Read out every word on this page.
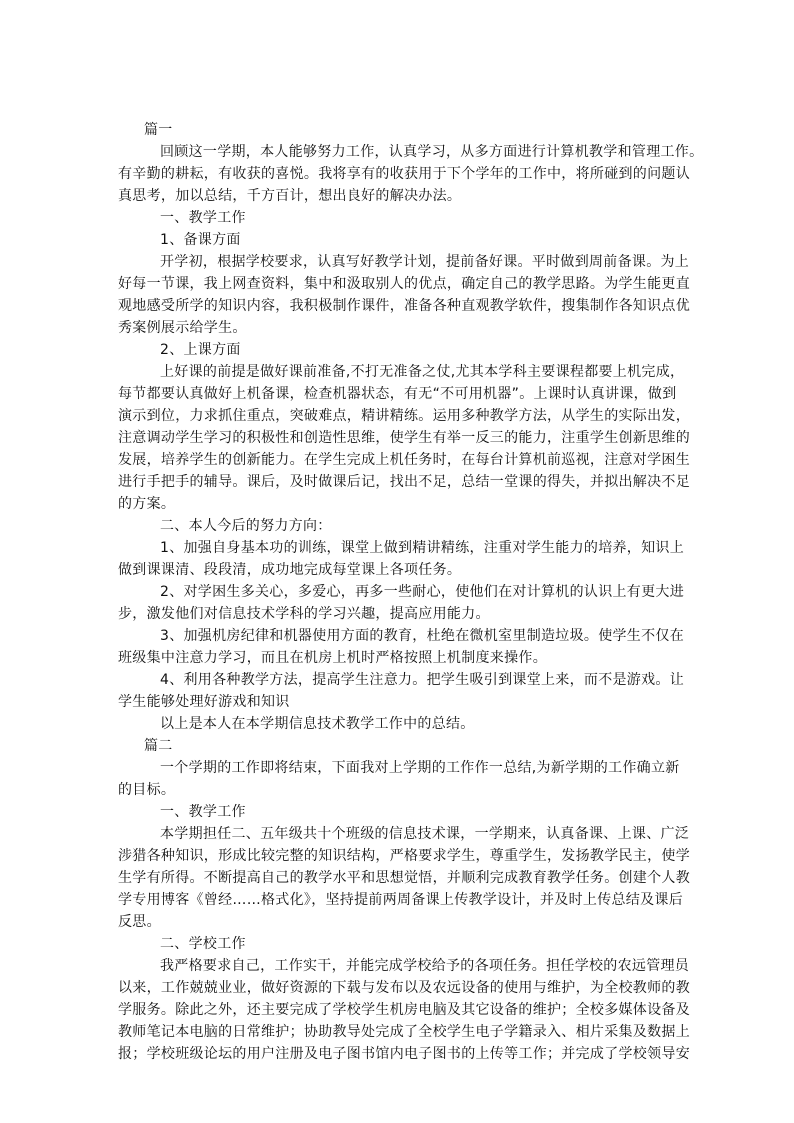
篇一
回顾这一学期，本人能够努力工作，认真学习，从多方面进行计算机教学和管理工作。
有辛勤的耕耘，有收获的喜悦。我将享有的收获用于下个学年的工作中，将所碰到的问题认
真思考，加以总结，千方百计，想出良好的解决办法。
一、教学工作
1、备课方面
开学初，根据学校要求，认真写好教学计划，提前备好课。平时做到周前备课。为上
好每一节课，我上网查资料，集中和汲取别人的优点，确定自己的教学思路。为学生能更直
观地感受所学的知识内容，我积极制作课件，准备各种直观教学软件，搜集制作各知识点优
秀案例展示给学生。
2、上课方面
上好课的前提是做好课前准备,不打无准备之仗,尤其本学科主要课程都要上机完成，
每节都要认真做好上机备课，检查机器状态，有无“不可用机器”。上课时认真讲课，做到
演示到位，力求抓住重点，突破难点，精讲精练。运用多种教学方法，从学生的实际出发，
注意调动学生学习的积极性和创造性思维，使学生有举一反三的能力，注重学生创新思维的
发展，培养学生的创新能力。在学生完成上机任务时，在每台计算机前巡视，注意对学困生
进行手把手的辅导。课后，及时做课后记，找出不足，总结一堂课的得失，并拟出解决不足
的方案。
二、本人今后的努力方向：
1、加强自身基本功的训练，课堂上做到精讲精练，注重对学生能力的培养，知识上
做到课课清、段段清，成功地完成每堂课上各项任务。
2、对学困生多关心，多爱心，再多一些耐心，使他们在对计算机的认识上有更大进
步，激发他们对信息技术学科的学习兴趣，提高应用能力。
3、加强机房纪律和机器使用方面的教育，杜绝在微机室里制造垃圾。使学生不仅在
班级集中注意力学习，而且在机房上机时严格按照上机制度来操作。
4、利用各种教学方法，提高学生注意力。把学生吸引到课堂上来，而不是游戏。让
学生能够处理好游戏和知识
以上是本人在本学期信息技术教学工作中的总结。
篇二
一个学期的工作即将结束，下面我对上学期的工作作一总结,为新学期的工作确立新
的目标。
一、教学工作
本学期担任二、五年级共十个班级的信息技术课，一学期来，认真备课、上课、广泛
涉猎各种知识，形成比较完整的知识结构，严格要求学生，尊重学生，发扬教学民主，使学
生学有所得。不断提高自己的教学水平和思想觉悟，并顺利完成教育教学任务。创建个人教
学专用博客《曾经……格式化》，坚持提前两周备课上传教学设计，并及时上传总结及课后
反思。
二、学校工作
我严格要求自己，工作实干，并能完成学校给予的各项任务。担任学校的农远管理员
以来，工作兢兢业业，做好资源的下载与发布以及农远设备的使用与维护，为全校教师的教
学服务。除此之外，还主要完成了学校学生机房电脑及其它设备的维护；全校多媒体设备及
教师笔记本电脑的日常维护；协助教导处完成了全校学生电子学籍录入、相片采集及数据上
报；学校班级论坛的用户注册及电子图书馆内电子图书的上传等工作；并完成了学校领导安
